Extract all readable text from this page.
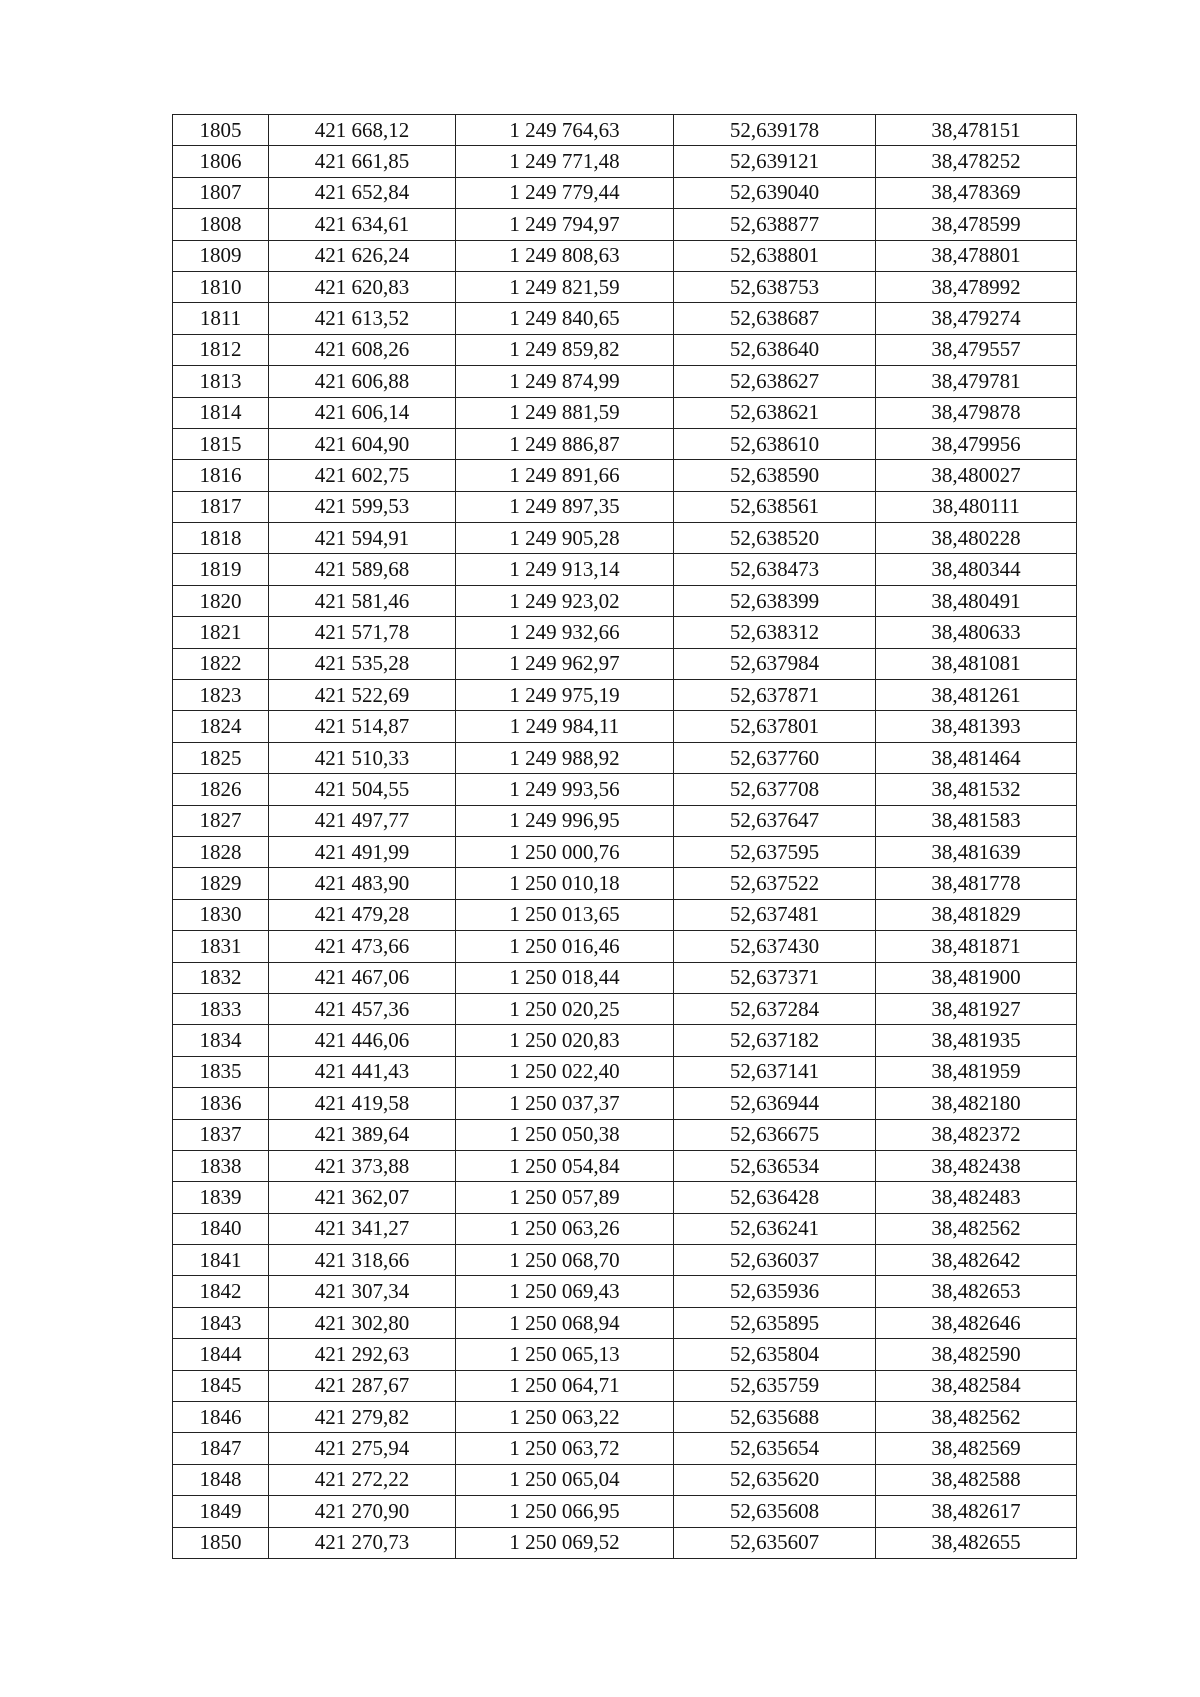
1805	421 668,12	1 249 764,63	52,639178	38,478151
1806	421 661,85	1 249 771,48	52,639121	38,478252
1807	421 652,84	1 249 779,44	52,639040	38,478369
1808	421 634,61	1 249 794,97	52,638877	38,478599
1809	421 626,24	1 249 808,63	52,638801	38,478801
1810	421 620,83	1 249 821,59	52,638753	38,478992
1811	421 613,52	1 249 840,65	52,638687	38,479274
1812	421 608,26	1 249 859,82	52,638640	38,479557
1813	421 606,88	1 249 874,99	52,638627	38,479781
1814	421 606,14	1 249 881,59	52,638621	38,479878
1815	421 604,90	1 249 886,87	52,638610	38,479956
1816	421 602,75	1 249 891,66	52,638590	38,480027
1817	421 599,53	1 249 897,35	52,638561	38,480111
1818	421 594,91	1 249 905,28	52,638520	38,480228
1819	421 589,68	1 249 913,14	52,638473	38,480344
1820	421 581,46	1 249 923,02	52,638399	38,480491
1821	421 571,78	1 249 932,66	52,638312	38,480633
1822	421 535,28	1 249 962,97	52,637984	38,481081
1823	421 522,69	1 249 975,19	52,637871	38,481261
1824	421 514,87	1 249 984,11	52,637801	38,481393
1825	421 510,33	1 249 988,92	52,637760	38,481464
1826	421 504,55	1 249 993,56	52,637708	38,481532
1827	421 497,77	1 249 996,95	52,637647	38,481583
1828	421 491,99	1 250 000,76	52,637595	38,481639
1829	421 483,90	1 250 010,18	52,637522	38,481778
1830	421 479,28	1 250 013,65	52,637481	38,481829
1831	421 473,66	1 250 016,46	52,637430	38,481871
1832	421 467,06	1 250 018,44	52,637371	38,481900
1833	421 457,36	1 250 020,25	52,637284	38,481927
1834	421 446,06	1 250 020,83	52,637182	38,481935
1835	421 441,43	1 250 022,40	52,637141	38,481959
1836	421 419,58	1 250 037,37	52,636944	38,482180
1837	421 389,64	1 250 050,38	52,636675	38,482372
1838	421 373,88	1 250 054,84	52,636534	38,482438
1839	421 362,07	1 250 057,89	52,636428	38,482483
1840	421 341,27	1 250 063,26	52,636241	38,482562
1841	421 318,66	1 250 068,70	52,636037	38,482642
1842	421 307,34	1 250 069,43	52,635936	38,482653
1843	421 302,80	1 250 068,94	52,635895	38,482646
1844	421 292,63	1 250 065,13	52,635804	38,482590
1845	421 287,67	1 250 064,71	52,635759	38,482584
1846	421 279,82	1 250 063,22	52,635688	38,482562
1847	421 275,94	1 250 063,72	52,635654	38,482569
1848	421 272,22	1 250 065,04	52,635620	38,482588
1849	421 270,90	1 250 066,95	52,635608	38,482617
1850	421 270,73	1 250 069,52	52,635607	38,482655
